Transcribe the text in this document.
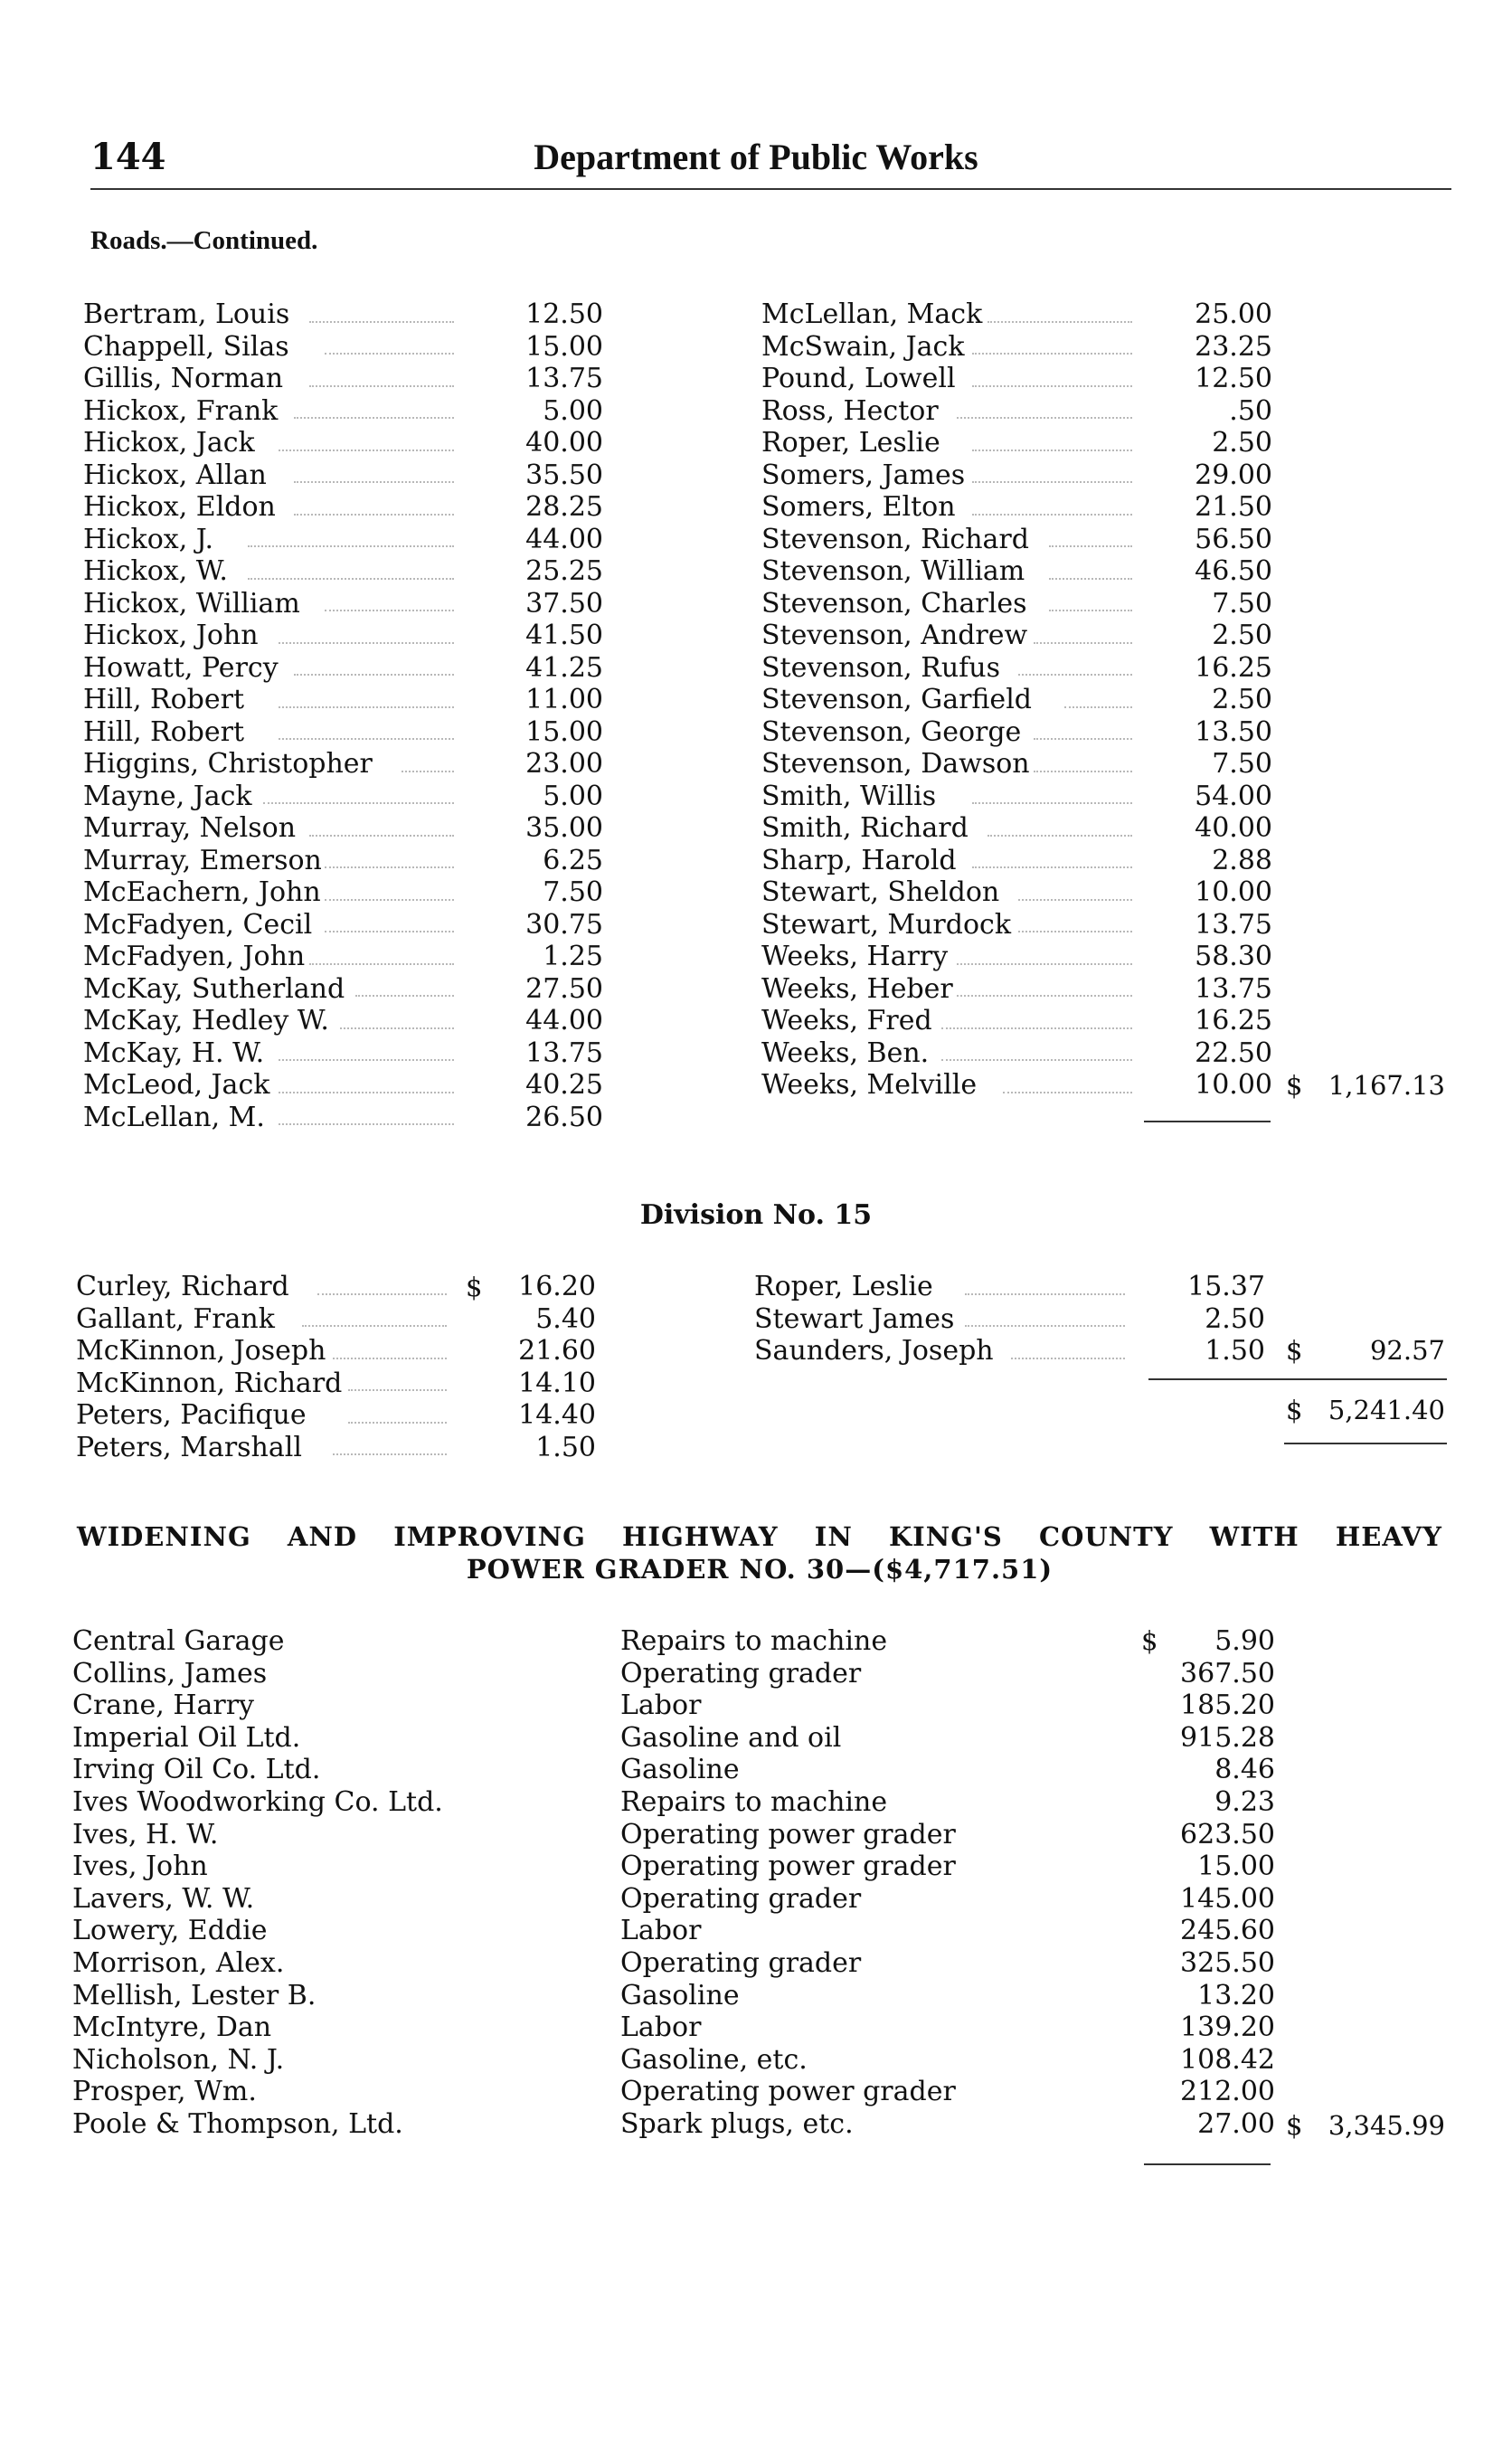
144	Department of Public Works
Roads.—Continued.
Bertram, Louis	12.50
Chappell, Silas	15.00
Gillis, Norman	13.75
Hickox, Frank	5.00
Hickox, Jack	40.00
Hickox, Allan	35.50
Hickox, Eldon	28.25
Hickox, J.	44.00
Hickox, W.	25.25
Hickox, William	37.50
Hickox, John	41.50
Howatt, Percy	41.25
Hill, Robert	11.00
Hill, Robert	15.00
Higgins, Christopher	23.00
Mayne, Jack	5.00
Murray, Nelson	35.00
Murray, Emerson	6.25
McEachern, John	7.50
McFadyen, Cecil	30.75
McFadyen, John	1.25
McKay, Sutherland	27.50
McKay, Hedley W.	44.00
McKay, H. W.	13.75
McLeod, Jack	40.25
McLellan, M.	26.50
McLellan, Mack	25.00
McSwain, Jack	23.25
Pound, Lowell	12.50
Ross, Hector	.50
Roper, Leslie	2.50
Somers, James	29.00
Somers, Elton	21.50
Stevenson, Richard	56.50
Stevenson, William	46.50
Stevenson, Charles	7.50
Stevenson, Andrew	2.50
Stevenson, Rufus	16.25
Stevenson, Garfield	2.50
Stevenson, George	13.50
Stevenson, Dawson	7.50
Smith, Willis	54.00
Smith, Richard	40.00
Sharp, Harold	2.88
Stewart, Sheldon	10.00
Stewart, Murdock	13.75
Weeks, Harry	58.30
Weeks, Heber	13.75
Weeks, Fred	16.25
Weeks, Ben.	22.50
Weeks, Melville	10.00 $ 1,167.13
Division No. 15
$
Curley, Richard	16.20
Gallant, Frank	5.40
McKinnon, Joseph	21.60
McKinnon, Richard	14.10
Peters, Pacifique	14.40
Peters, Marshall	1.50
Roper, Leslie	15.37
Stewart James	2.50
Saunders, Joseph	1.50 $	92.57
$ 5,241.40
WIDENING AND IMPROVING HIGHWAY IN KING'S COUNTY WITH HEAVY
POWER GRADER NO. 30—($4,717.51)
$
Central Garage	Repairs to machine	5.90
Collins, James	Operating grader	367.50
Crane, Harry	Labor	185.20
Imperial Oil Ltd.	Gasoline and oil	915.28
Irving Oil Co. Ltd.	Gasoline	8.46
Ives Woodworking Co. Ltd.	Repairs to machine	9.23
Ives, H. W.	Operating power grader	623.50
Ives, John	Operating power grader	15.00
Lavers, W. W.	Operating grader	145.00
Lowery, Eddie	Labor	245.60
Morrison, Alex.	Operating grader	325.50
Mellish, Lester B.	Gasoline	13.20
McIntyre, Dan	Labor	139.20
Nicholson, N. J.	Gasoline, etc.	108.42
Prosper, Wm.	Operating power grader	212.00
Poole & Thompson, Ltd.	Spark plugs, etc.	27.00 $ 3,345.99
